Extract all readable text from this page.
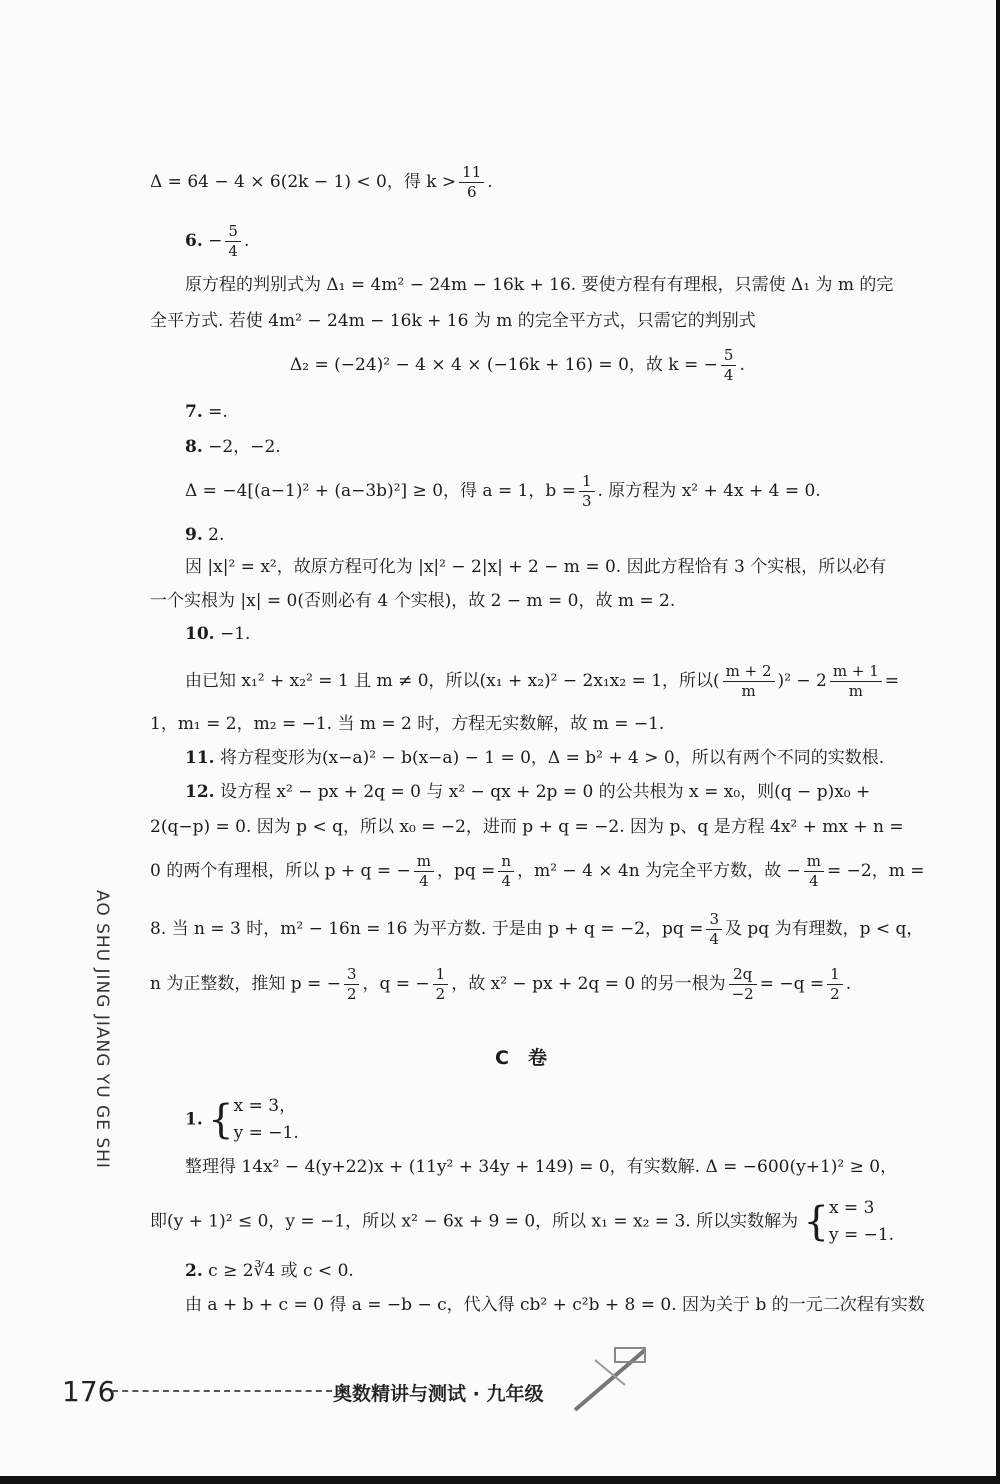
Δ = 64 − 4 × 6(2k − 1) < 0，得 $k > \frac{11}{6}$ .
6. − $\frac{5}{4}$ .
原方程的判别式为 Δ₁ = 4m² − 24m − 16k + 16. 要使方程有有理根，只需使 Δ₁ 为 m 的完
全平方式. 若使 4m² − 24m − 16k + 16 为 m 的完全平方式，只需它的判别式
Δ₂ = (−24)² − 4 × 4 × (−16k + 16) = 0，故 k = − $\frac{5}{4}$ .
7. =.
8. −2，−2.
Δ = −4[(a−1)² + (a−3b)²] ≥ 0，得 a = 1，$b = \frac{1}{3}$ . 原方程为 x² + 4x + 4 = 0.
9. 2.
因 |x|² = x²，故原方程可化为 |x|² − 2|x| + 2 − m = 0. 因此方程恰有 3 个实根，所以必有
一个实根为 |x| = 0(否则必有 4 个实根)，故 2 − m = 0，故 m = 2.
10. −1.
由已知 x₁² + x₂² = 1 且 m ≠ 0，所以(x₁ + x₂)² − 2x₁x₂ = 1，所以( $\frac{m + 2}{m} )^2 - 2 \frac{m + 1}{m}$ =
1，m₁ = 2，m₂ = −1. 当 m = 2 时，方程无实数解，故 m = −1.
11. 将方程变形为(x−a)² − b(x−a) − 1 = 0，Δ = b² + 4 > 0，所以有两个不同的实数根.
12. 设方程 x² − px + 2q = 0 与 x² − qx + 2p = 0 的公共根为 x = x₀，则(q − p)x₀ +
2(q−p) = 0. 因为 p < q，所以 x₀ = −2，进而 p + q = −2. 因为 p、q 是方程 4x² + mx + n =
0 的两个有理根，所以 p + q = − $\frac{m}{4}$ ，pq = $\frac{n}{4}$ ，m² − 4 × 4n 为完全平方数，故 − $\frac{m}{4} = -2$，m =
8. 当 n = 3 时，m² − 16n = 16 为平方数. 于是由 p + q = −2，pq = $\frac{3}{4}$ 及 pq 为有理数，p < q，
n 为正整数，推知 p = − $\frac{3}{2}$ ，q = − $\frac{1}{2}$ ，故 x² − px + 2q = 0 的另一根为 $\frac{2q}{-2} = -q = \frac{1}{2}$ .
C　卷
1. { x = 3，
y = −1.
整理得 14x² − 4(y+22)x + (11y² + 34y + 149) = 0，有实数解. Δ = −600(y+1)² ≥ 0，
即(y + 1)² ≤ 0，y = −1，所以 x² − 6x + 9 = 0，所以 x₁ = x₂ = 3. 所以实数解为 { x = 3
y = −1.
2. c ≥ 2∛4 或 c < 0.
由 a + b + c = 0 得 a = −b − c，代入得 cb² + c²b + 8 = 0. 因为关于 b 的一元二次程有实数
AO SHU JING JIANG YU GE SHI
176	奥数精讲与测试 · 九年级
